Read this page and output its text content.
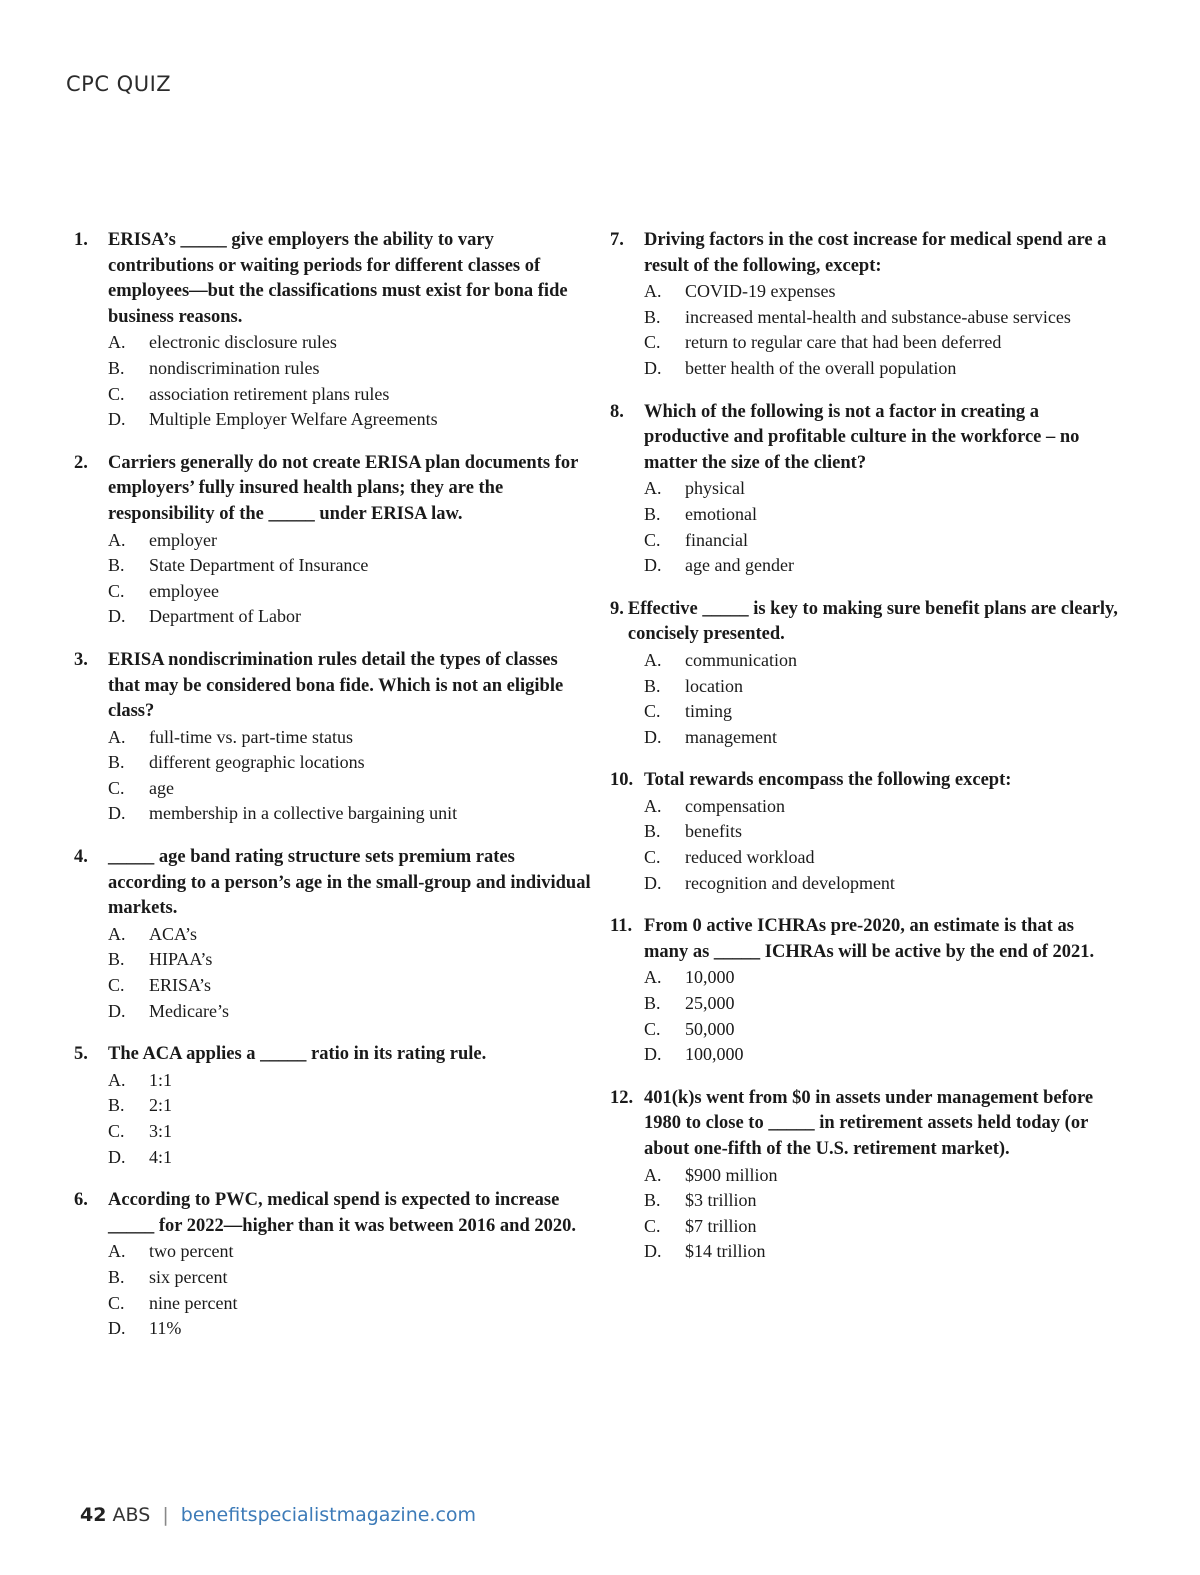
CPC QUIZ
1.	ERISA’s _____ give employers the ability to vary contributions or waiting periods for different classes of employees—but the classifications must exist for bona fide business reasons.
A.	electronic disclosure rules
B.	nondiscrimination rules
C.	association retirement plans rules
D.	Multiple Employer Welfare Agreements
2.	Carriers generally do not create ERISA plan documents for employers’ fully insured health plans; they are the responsibility of the _____ under ERISA law.
A.	employer
B.	State Department of Insurance
C.	employee
D.	Department of Labor
3.	ERISA nondiscrimination rules detail the types of classes that may be considered bona fide. Which is not an eligible class?
A.	full-time vs. part-time status
B.	different geographic locations
C.	age
D.	membership in a collective bargaining unit
4.	_____ age band rating structure sets premium rates according to a person’s age in the small-group and individual markets.
A.	ACA’s
B.	HIPAA’s
C.	ERISA’s
D.	Medicare’s
5.	The ACA applies a _____ ratio in its rating rule.
A.	1:1
B.	2:1
C.	3:1
D.	4:1
6.	According to PWC, medical spend is expected to increase _____ for 2022—higher than it was between 2016 and 2020.
A.	two percent
B.	six percent
C.	nine percent
D.	11%
7.	Driving factors in the cost increase for medical spend are a result of the following, except:
A.	COVID-19 expenses
B.	increased mental-health and substance-abuse services
C.	return to regular care that had been deferred
D.	better health of the overall population
8.	Which of the following is not a factor in creating a productive and profitable culture in the workforce – no matter the size of the client?
A.	physical
B.	emotional
C.	financial
D.	age and gender
9. Effective _____ is key to making sure benefit plans are clearly, concisely presented.
A.	communication
B.	location
C.	timing
D.	management
10. Total rewards encompass the following except:
A.	compensation
B.	benefits
C.	reduced workload
D.	recognition and development
11. From 0 active ICHRAs pre-2020, an estimate is that as many as _____ ICHRAs will be active by the end of 2021.
A.	10,000
B.	25,000
C.	50,000
D.	100,000
12. 401(k)s went from $0 in assets under management before 1980 to close to _____ in retirement assets held today (or about one-fifth of the U.S. retirement market).
A.	$900 million
B.	$3 trillion
C.	$7 trillion
D.	$14 trillion
42 ABS | benefitspecialistmagazine.com
